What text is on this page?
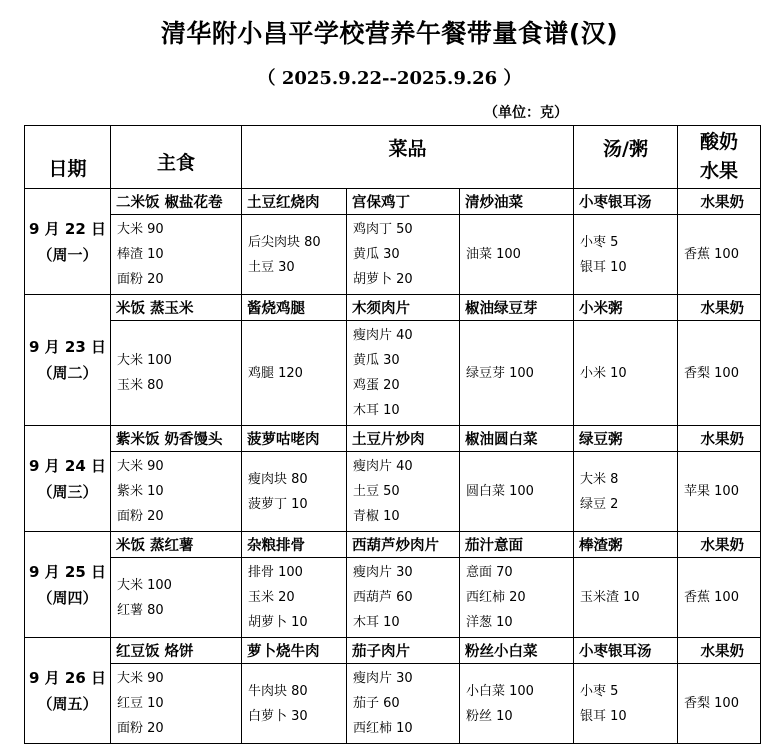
清华附小昌平学校营养午餐带量食谱(汉)
（ 2025.9.22--2025.9.26 ）
（单位：克）
日期	主食	菜品			汤/粥	酸奶
水果

9 月 22 日
（周一）	二米饭 椒盐花卷	土豆红烧肉	宫保鸡丁	清炒油菜	小枣银耳汤	水果奶

	大米 90
棒渣 10
面粉 20	后尖肉块 80
土豆 30	鸡肉丁 50
黄瓜 30
胡萝卜 20	油菜 100	小枣 5
银耳 10	香蕉 100

9 月 23 日
（周二）	米饭 蒸玉米	酱烧鸡腿	木须肉片	椒油绿豆芽	小米粥	水果奶

	大米 100
玉米 80	鸡腿 120	瘦肉片 40
黄瓜 30
鸡蛋 20
木耳 10	绿豆芽 100	小米 10	香梨 100

9 月 24 日
（周三）	紫米饭 奶香馒头	菠萝咕咾肉	土豆片炒肉	椒油圆白菜	绿豆粥	水果奶

	大米 90
紫米 10
面粉 20	瘦肉块 80
菠萝丁 10	瘦肉片 40
土豆 50
青椒 10	圆白菜 100	大米 8
绿豆 2	苹果 100

9 月 25 日
（周四）	米饭 蒸红薯	杂粮排骨	西葫芦炒肉片	茄汁意面	棒渣粥	水果奶

	大米 100
红薯 80	排骨 100
玉米 20
胡萝卜 10	瘦肉片 30
西葫芦 60
木耳 10	意面 70
西红柿 20
洋葱 10	玉米渣 10	香蕉 100

9 月 26 日
（周五）	红豆饭 烙饼	萝卜烧牛肉	茄子肉片	粉丝小白菜	小枣银耳汤	水果奶

	大米 90
红豆 10
面粉 20	牛肉块 80
白萝卜 30	瘦肉片 30
茄子 60
西红柿 10	小白菜 100
粉丝 10	小枣 5
银耳 10	香梨 100
